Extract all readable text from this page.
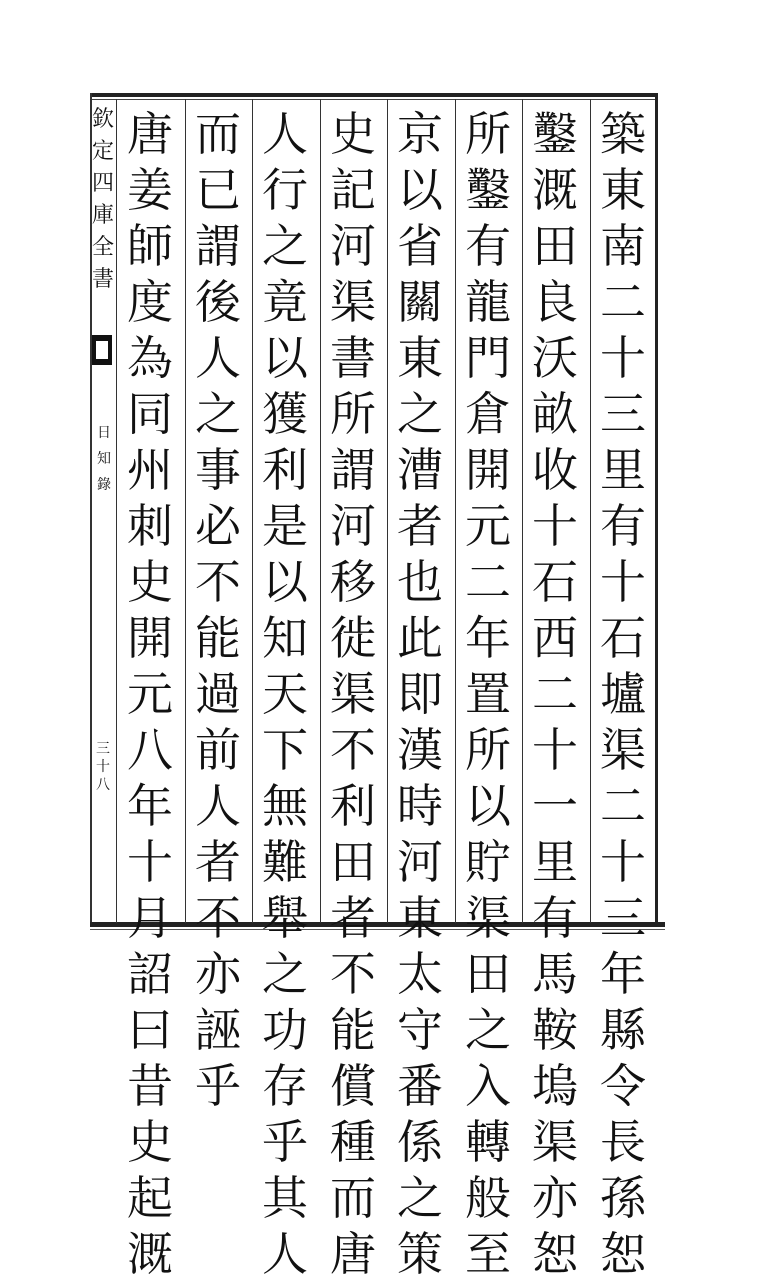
欽
定
四
庫
全
書
日
知
錄
三
十
八
築
東
南
二
十
三
里
有
十
石
壚
渠
二
十
三
年
縣
令
長
孫
恕
鑿
溉
田
良
沃
畝
收
十
石
西
二
十
一
里
有
馬
鞍
塢
渠
亦
恕
所
鑿
有
龍
門
倉
開
元
二
年
置
所
以
貯
渠
田
之
入
轉
般
至
京
以
省
關
東
之
漕
者
也
此
即
漢
時
河
東
太
守
番
係
之
策
史
記
河
渠
書
所
謂
河
移
徙
渠
不
利
田
者
不
能
償
種
而
唐
人
行
之
竟
以
獲
利
是
以
知
天
下
無
難
舉
之
功
存
乎
其
人
而
已
謂
後
人
之
事
必
不
能
過
前
人
者
不
亦
誣
乎
唐
姜
師
度
為
同
州
刺
史
開
元
八
年
十
月
詔
曰
昔
史
起
溉
